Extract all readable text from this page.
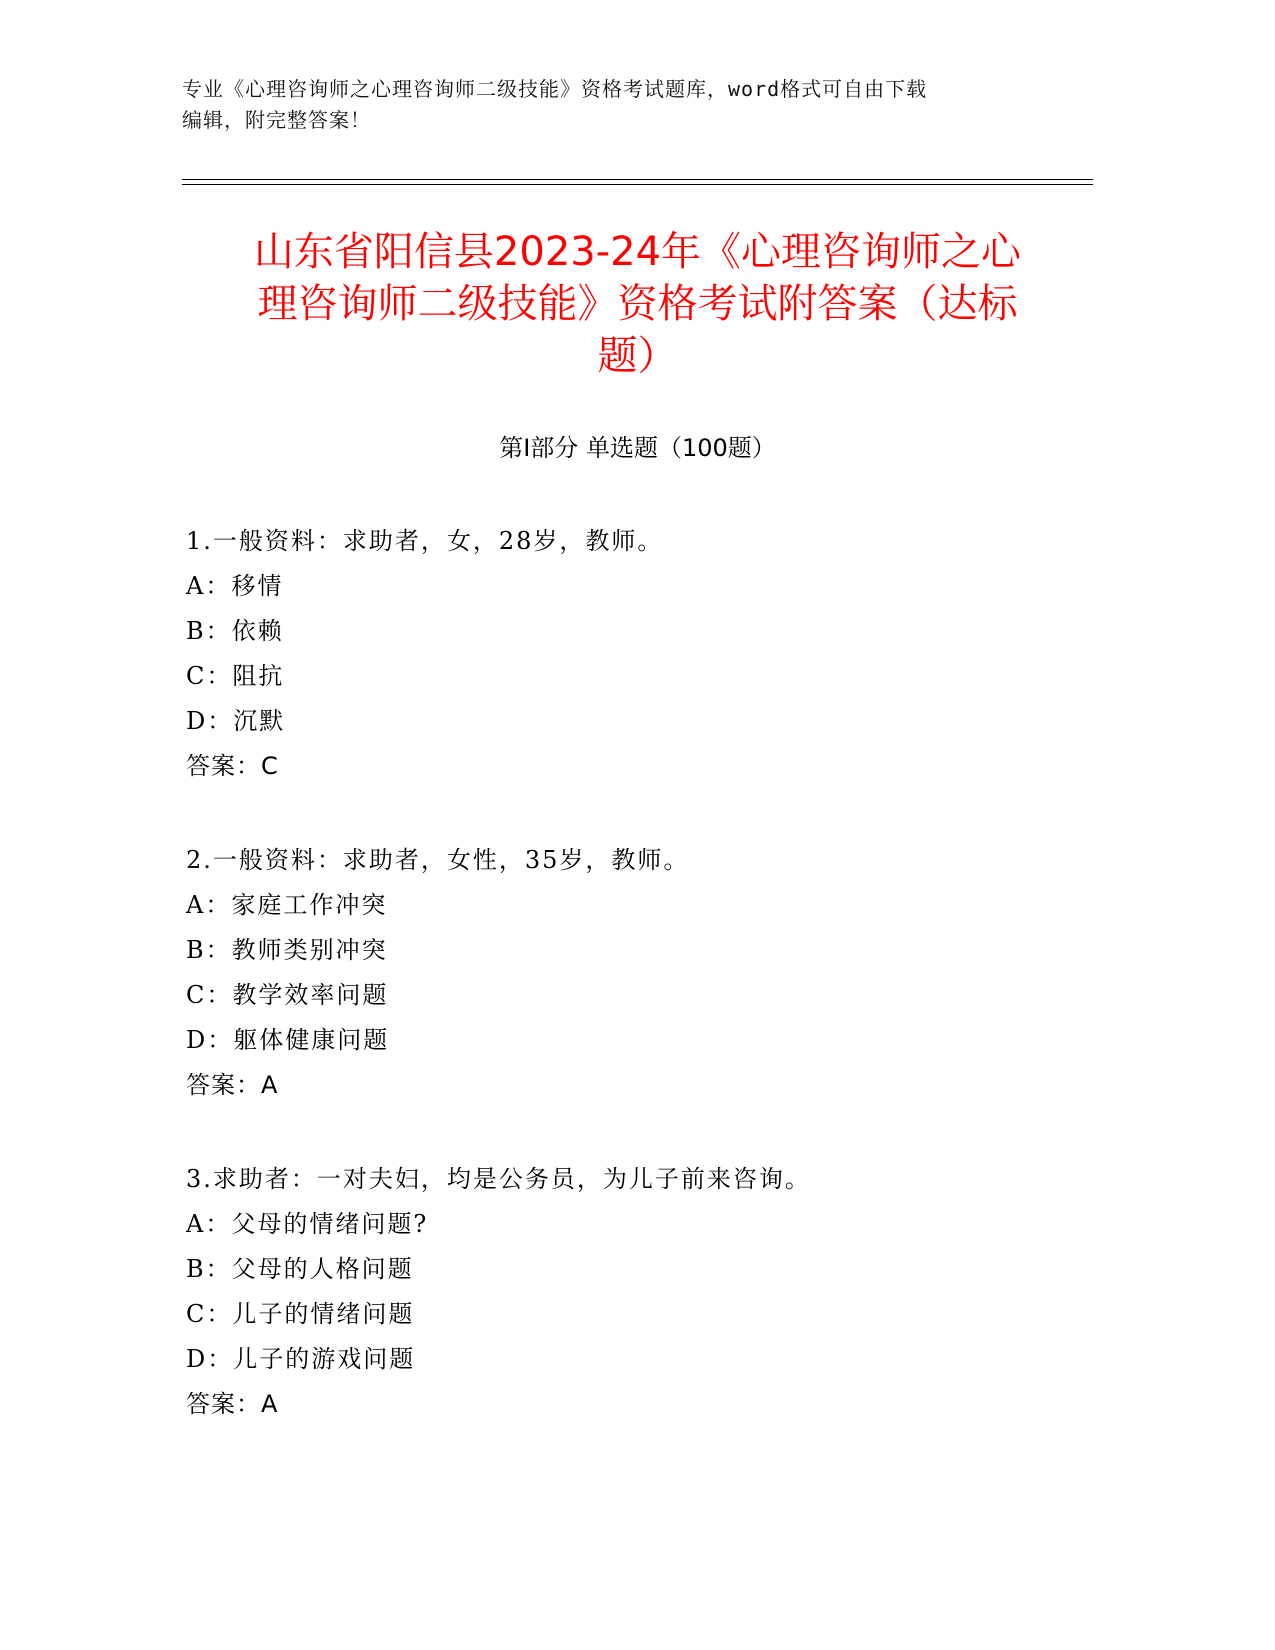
专业《心理咨询师之心理咨询师二级技能》资格考试题库，word格式可自由下载
编辑，附完整答案！
山东省阳信县2023-24年《心理咨询师之心
理咨询师二级技能》资格考试附答案（达标
题）
第Ⅰ部分 单选题（100题）
1.一般资料：求助者，女，28岁，教师。
A：移情
B：依赖
C：阻抗
D：沉默
答案：C
2.一般资料：求助者，女性，35岁，教师。
A：家庭工作冲突
B：教师类别冲突
C：教学效率问题
D：躯体健康问题
答案：A
3.求助者：一对夫妇，均是公务员，为儿子前来咨询。
A：父母的情绪问题?
B：父母的人格问题
C：儿子的情绪问题
D：儿子的游戏问题
答案：A
